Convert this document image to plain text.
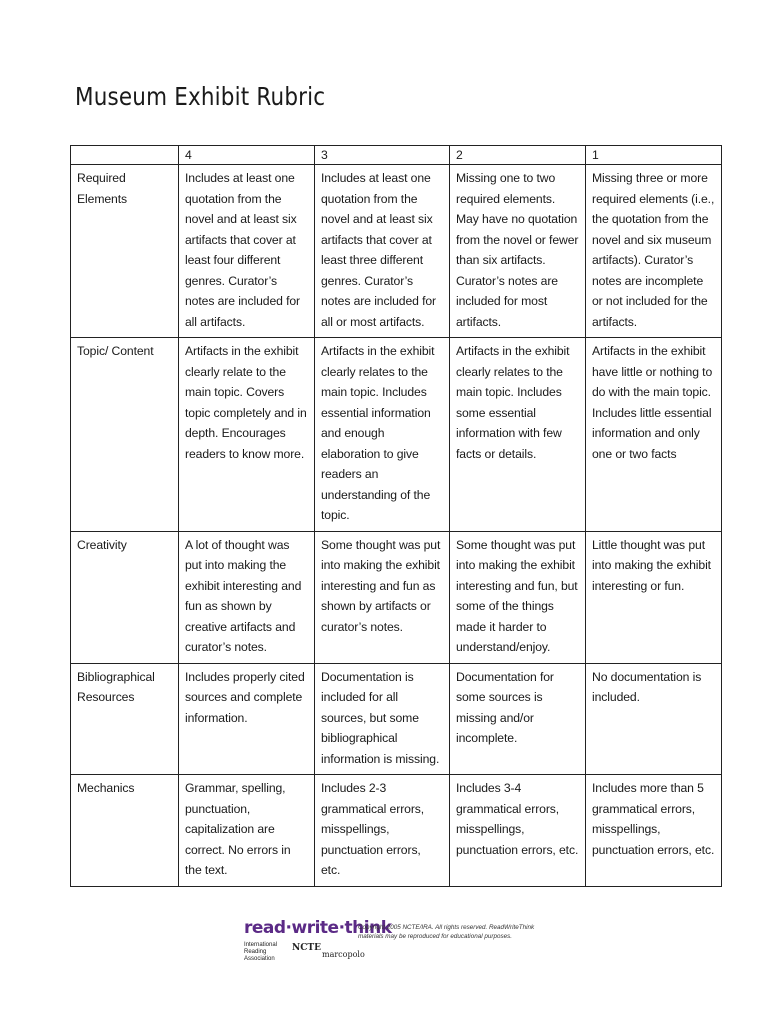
Museum Exhibit Rubric
	4	3	2	1
Required Elements	Includes at least one quotation from the novel and at least six artifacts that cover at least four different genres. Curator’s notes are included for all artifacts.	Includes at least one quotation from the novel and at least six artifacts that cover at least three different genres. Curator’s notes are included for all or most artifacts.	Missing one to two required elements. May have no quotation from the novel or fewer than six artifacts. Curator’s notes are included for most artifacts.	Missing three or more required elements (i.e., the quotation from the novel and six museum artifacts). Curator’s notes are incomplete or not included for the artifacts.
Topic/ Content	Artifacts in the exhibit clearly relate to the main topic. Covers topic completely and in depth. Encourages readers to know more.	Artifacts in the exhibit clearly relates to the main topic. Includes essential information and enough elaboration to give readers an understanding of the topic.	Artifacts in the exhibit clearly relates to the main topic. Includes some essential information with few facts or details.	Artifacts in the exhibit have little or nothing to do with the main topic. Includes little essential information and only one or two facts
Creativity	A lot of thought was put into making the exhibit interesting and fun as shown by creative artifacts and curator’s notes.	Some thought was put into making the exhibit interesting and fun as shown by artifacts or curator’s notes.	Some thought was put into making the exhibit interesting and fun, but some of the things made it harder to understand/enjoy.	Little thought was put into making the exhibit interesting or fun.
Bibliographical Resources	Includes properly cited sources and complete information.	Documentation is included for all sources, but some bibliographical information is missing.	Documentation for some sources is missing and/or incomplete.	No documentation is included.
Mechanics	Grammar, spelling, punctuation, capitalization are correct. No errors in the text.	Includes 2-3 grammatical errors, misspellings, punctuation errors, etc.	Includes 3-4 grammatical errors, misspellings, punctuation errors, etc.	Includes more than 5 grammatical errors, misspellings, punctuation errors, etc.
read·write·think
International Reading Association
NCTE
marcopolo
Copyright 2005 NCTE/IRA. All rights reserved. ReadWriteThink materials may be reproduced for educational purposes.
